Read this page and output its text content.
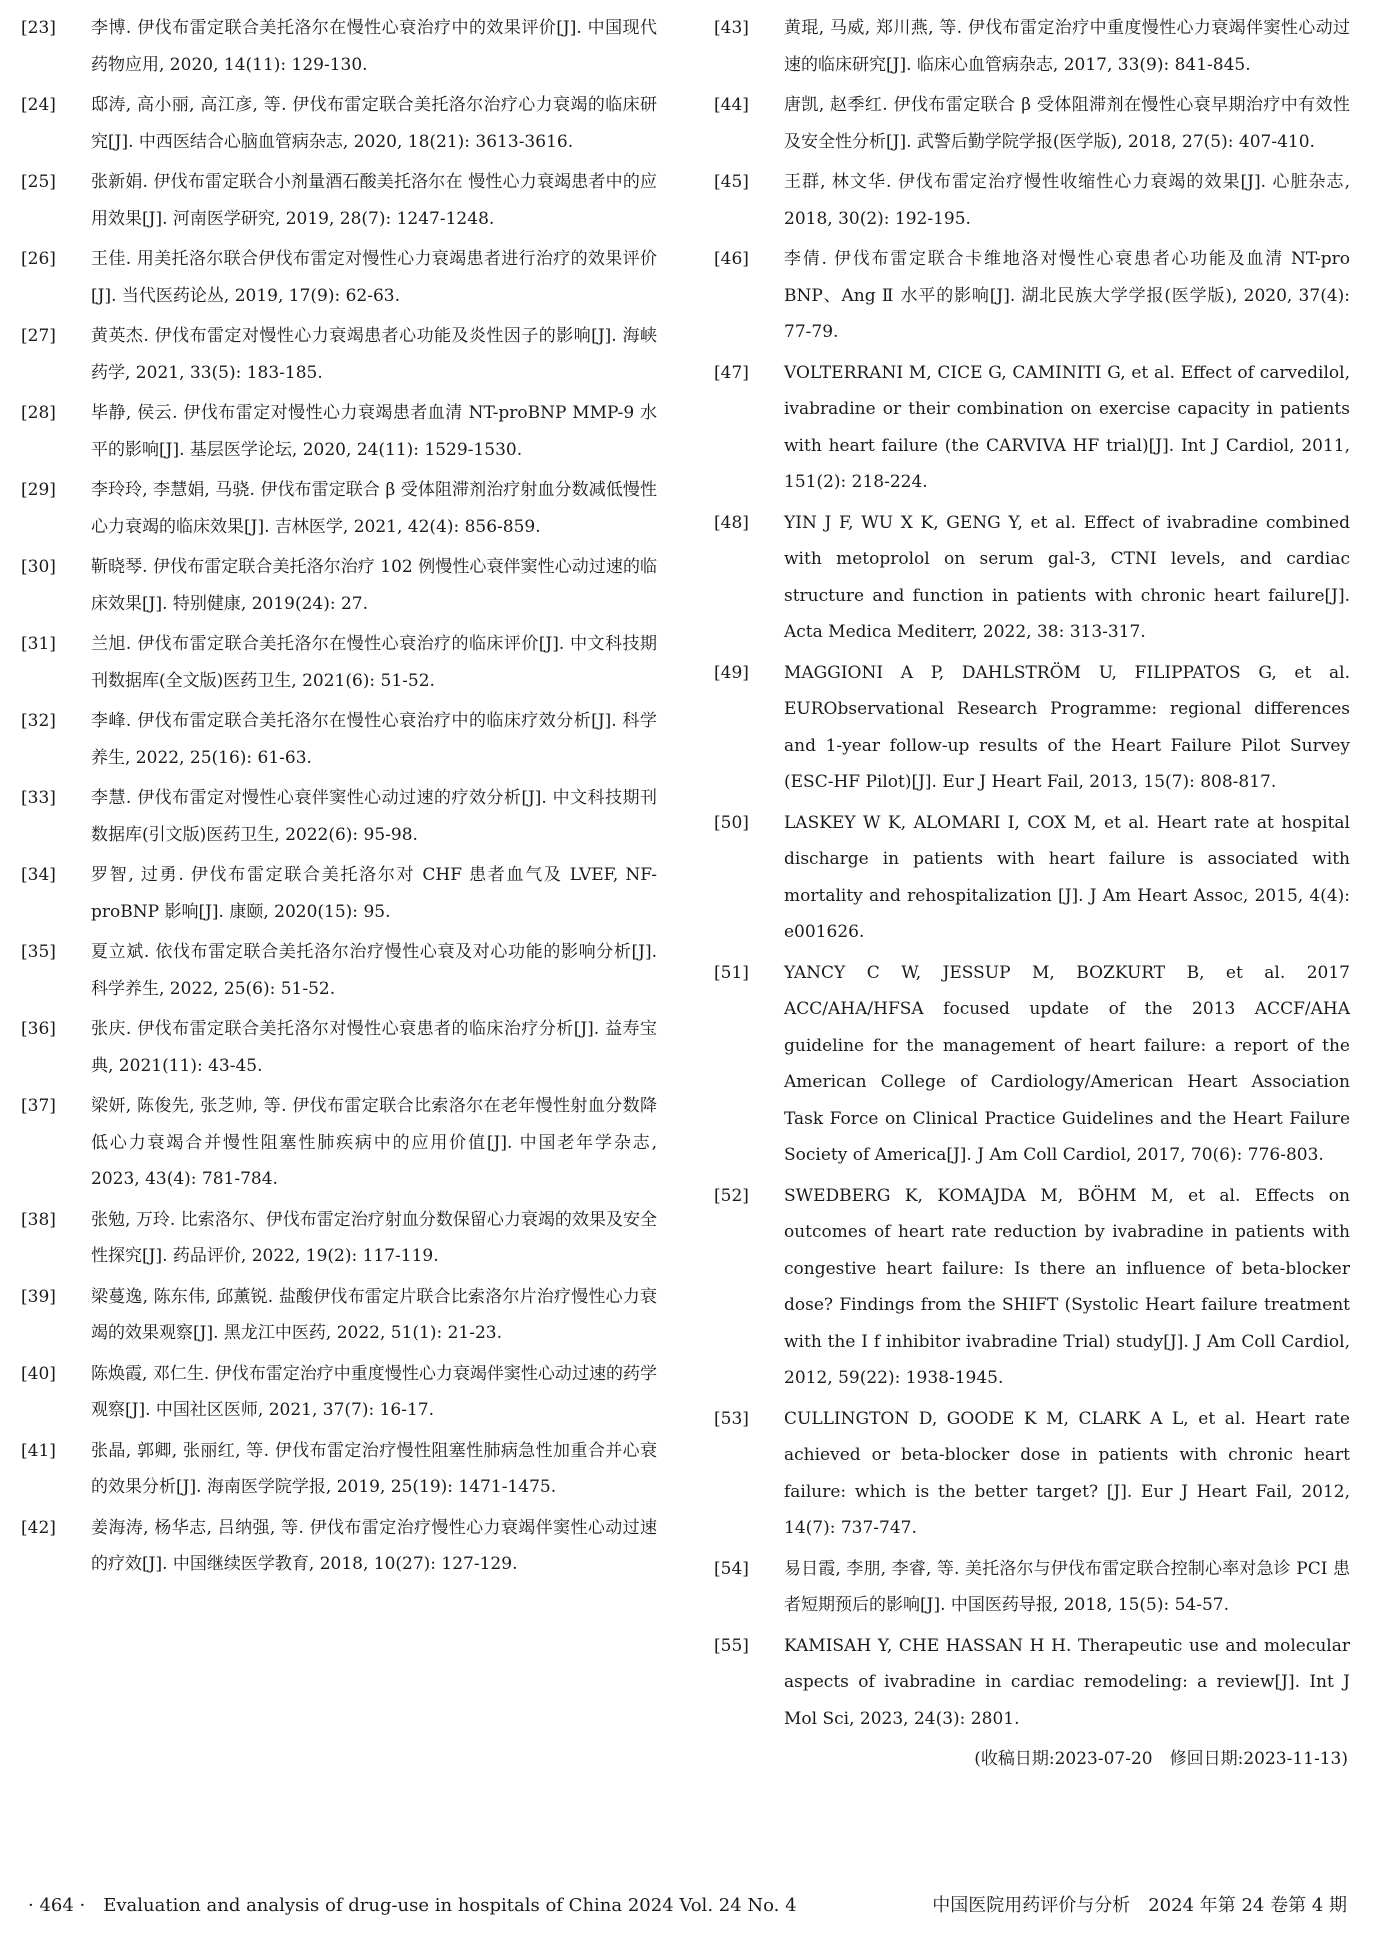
[23]	李博. 伊伐布雷定联合美托洛尔在慢性心衰治疗中的效果评价[J]. 中国现代药物应用, 2020, 14(11): 129-130.
[24]	邸涛, 高小丽, 高江彦, 等. 伊伐布雷定联合美托洛尔治疗心力衰竭的临床研究[J]. 中西医结合心脑血管病杂志, 2020, 18(21): 3613-3616.
[25]	张新娟. 伊伐布雷定联合小剂量酒石酸美托洛尔在 慢性心力衰竭患者中的应用效果[J]. 河南医学研究, 2019, 28(7): 1247-1248.
[26]	王佳. 用美托洛尔联合伊伐布雷定对慢性心力衰竭患者进行治疗的效果评价[J]. 当代医药论丛, 2019, 17(9): 62-63.
[27]	黄英杰. 伊伐布雷定对慢性心力衰竭患者心功能及炎性因子的影响[J]. 海峡药学, 2021, 33(5): 183-185.
[28]	毕静, 侯云. 伊伐布雷定对慢性心力衰竭患者血清 NT-proBNP MMP-9 水平的影响[J]. 基层医学论坛, 2020, 24(11): 1529-1530.
[29]	李玲玲, 李慧娟, 马骁. 伊伐布雷定联合 β 受体阻滞剂治疗射血分数减低慢性心力衰竭的临床效果[J]. 吉林医学, 2021, 42(4): 856-859.
[30]	靳晓琴. 伊伐布雷定联合美托洛尔治疗 102 例慢性心衰伴窦性心动过速的临床效果[J]. 特别健康, 2019(24): 27.
[31]	兰旭. 伊伐布雷定联合美托洛尔在慢性心衰治疗的临床评价[J]. 中文科技期刊数据库(全文版)医药卫生, 2021(6): 51-52.
[32]	李峰. 伊伐布雷定联合美托洛尔在慢性心衰治疗中的临床疗效分析[J]. 科学养生, 2022, 25(16): 61-63.
[33]	李慧. 伊伐布雷定对慢性心衰伴窦性心动过速的疗效分析[J]. 中文科技期刊数据库(引文版)医药卫生, 2022(6): 95-98.
[34]	罗智, 过勇. 伊伐布雷定联合美托洛尔对 CHF 患者血气及 LVEF, NF-proBNP 影响[J]. 康颐, 2020(15): 95.
[35]	夏立斌. 依伐布雷定联合美托洛尔治疗慢性心衰及对心功能的影响分析[J]. 科学养生, 2022, 25(6): 51-52.
[36]	张庆. 伊伐布雷定联合美托洛尔对慢性心衰患者的临床治疗分析[J]. 益寿宝典, 2021(11): 43-45.
[37]	梁妍, 陈俊先, 张芝帅, 等. 伊伐布雷定联合比索洛尔在老年慢性射血分数降低心力衰竭合并慢性阻塞性肺疾病中的应用价值[J]. 中国老年学杂志, 2023, 43(4): 781-784.
[38]	张勉, 万玲. 比索洛尔、伊伐布雷定治疗射血分数保留心力衰竭的效果及安全性探究[J]. 药品评价, 2022, 19(2): 117-119.
[39]	梁蔓逸, 陈东伟, 邱薰锐. 盐酸伊伐布雷定片联合比索洛尔片治疗慢性心力衰竭的效果观察[J]. 黑龙江中医药, 2022, 51(1): 21-23.
[40]	陈焕霞, 邓仁生. 伊伐布雷定治疗中重度慢性心力衰竭伴窦性心动过速的药学观察[J]. 中国社区医师, 2021, 37(7): 16-17.
[41]	张晶, 郭卿, 张丽红, 等. 伊伐布雷定治疗慢性阻塞性肺病急性加重合并心衰的效果分析[J]. 海南医学院学报, 2019, 25(19): 1471-1475.
[42]	姜海涛, 杨华志, 吕纳强, 等. 伊伐布雷定治疗慢性心力衰竭伴窦性心动过速的疗效[J]. 中国继续医学教育, 2018, 10(27): 127-129.
[43]	黄琨, 马威, 郑川燕, 等. 伊伐布雷定治疗中重度慢性心力衰竭伴窦性心动过速的临床研究[J]. 临床心血管病杂志, 2017, 33(9): 841-845.
[44]	唐凯, 赵季红. 伊伐布雷定联合 β 受体阻滞剂在慢性心衰早期治疗中有效性及安全性分析[J]. 武警后勤学院学报(医学版), 2018, 27(5): 407-410.
[45]	王群, 林文华. 伊伐布雷定治疗慢性收缩性心力衰竭的效果[J]. 心脏杂志, 2018, 30(2): 192-195.
[46]	李倩. 伊伐布雷定联合卡维地洛对慢性心衰患者心功能及血清 NT-pro BNP、Ang Ⅱ 水平的影响[J]. 湖北民族大学学报(医学版), 2020, 37(4): 77-79.
[47]	VOLTERRANI M, CICE G, CAMINITI G, et al. Effect of carvedilol, ivabradine or their combination on exercise capacity in patients with heart failure (the CARVIVA HF trial)[J]. Int J Cardiol, 2011, 151(2): 218-224.
[48]	YIN J F, WU X K, GENG Y, et al. Effect of ivabradine combined with metoprolol on serum gal-3, CTNI levels, and cardiac structure and function in patients with chronic heart failure[J]. Acta Medica Mediterr, 2022, 38: 313-317.
[49]	MAGGIONI A P, DAHLSTRÖM U, FILIPPATOS G, et al. EURObservational Research Programme: regional differences and 1-year follow-up results of the Heart Failure Pilot Survey (ESC-HF Pilot)[J]. Eur J Heart Fail, 2013, 15(7): 808-817.
[50]	LASKEY W K, ALOMARI I, COX M, et al. Heart rate at hospital discharge in patients with heart failure is associated with mortality and rehospitalization [J]. J Am Heart Assoc, 2015, 4(4): e001626.
[51]	YANCY C W, JESSUP M, BOZKURT B, et al. 2017 ACC/AHA/HFSA focused update of the 2013 ACCF/AHA guideline for the management of heart failure: a report of the American College of Cardiology/American Heart Association Task Force on Clinical Practice Guidelines and the Heart Failure Society of America[J]. J Am Coll Cardiol, 2017, 70(6): 776-803.
[52]	SWEDBERG K, KOMAJDA M, BÖHM M, et al. Effects on outcomes of heart rate reduction by ivabradine in patients with congestive heart failure: Is there an influence of beta-blocker dose? Findings from the SHIFT (Systolic Heart failure treatment with the I f inhibitor ivabradine Trial) study[J]. J Am Coll Cardiol, 2012, 59(22): 1938-1945.
[53]	CULLINGTON D, GOODE K M, CLARK A L, et al. Heart rate achieved or beta-blocker dose in patients with chronic heart failure: which is the better target? [J]. Eur J Heart Fail, 2012, 14(7): 737-747.
[54]	易日霞, 李朋, 李睿, 等. 美托洛尔与伊伐布雷定联合控制心率对急诊 PCI 患者短期预后的影响[J]. 中国医药导报, 2018, 15(5): 54-57.
[55]	KAMISAH Y, CHE HASSAN H H. Therapeutic use and molecular aspects of ivabradine in cardiac remodeling: a review[J]. Int J Mol Sci, 2023, 24(3): 2801.
(收稿日期:2023-07-20　修回日期:2023-11-13)
· 464 ·　Evaluation and analysis of drug-use in hospitals of China 2024 Vol. 24 No. 4	中国医院用药评价与分析　2024 年第 24 卷第 4 期
